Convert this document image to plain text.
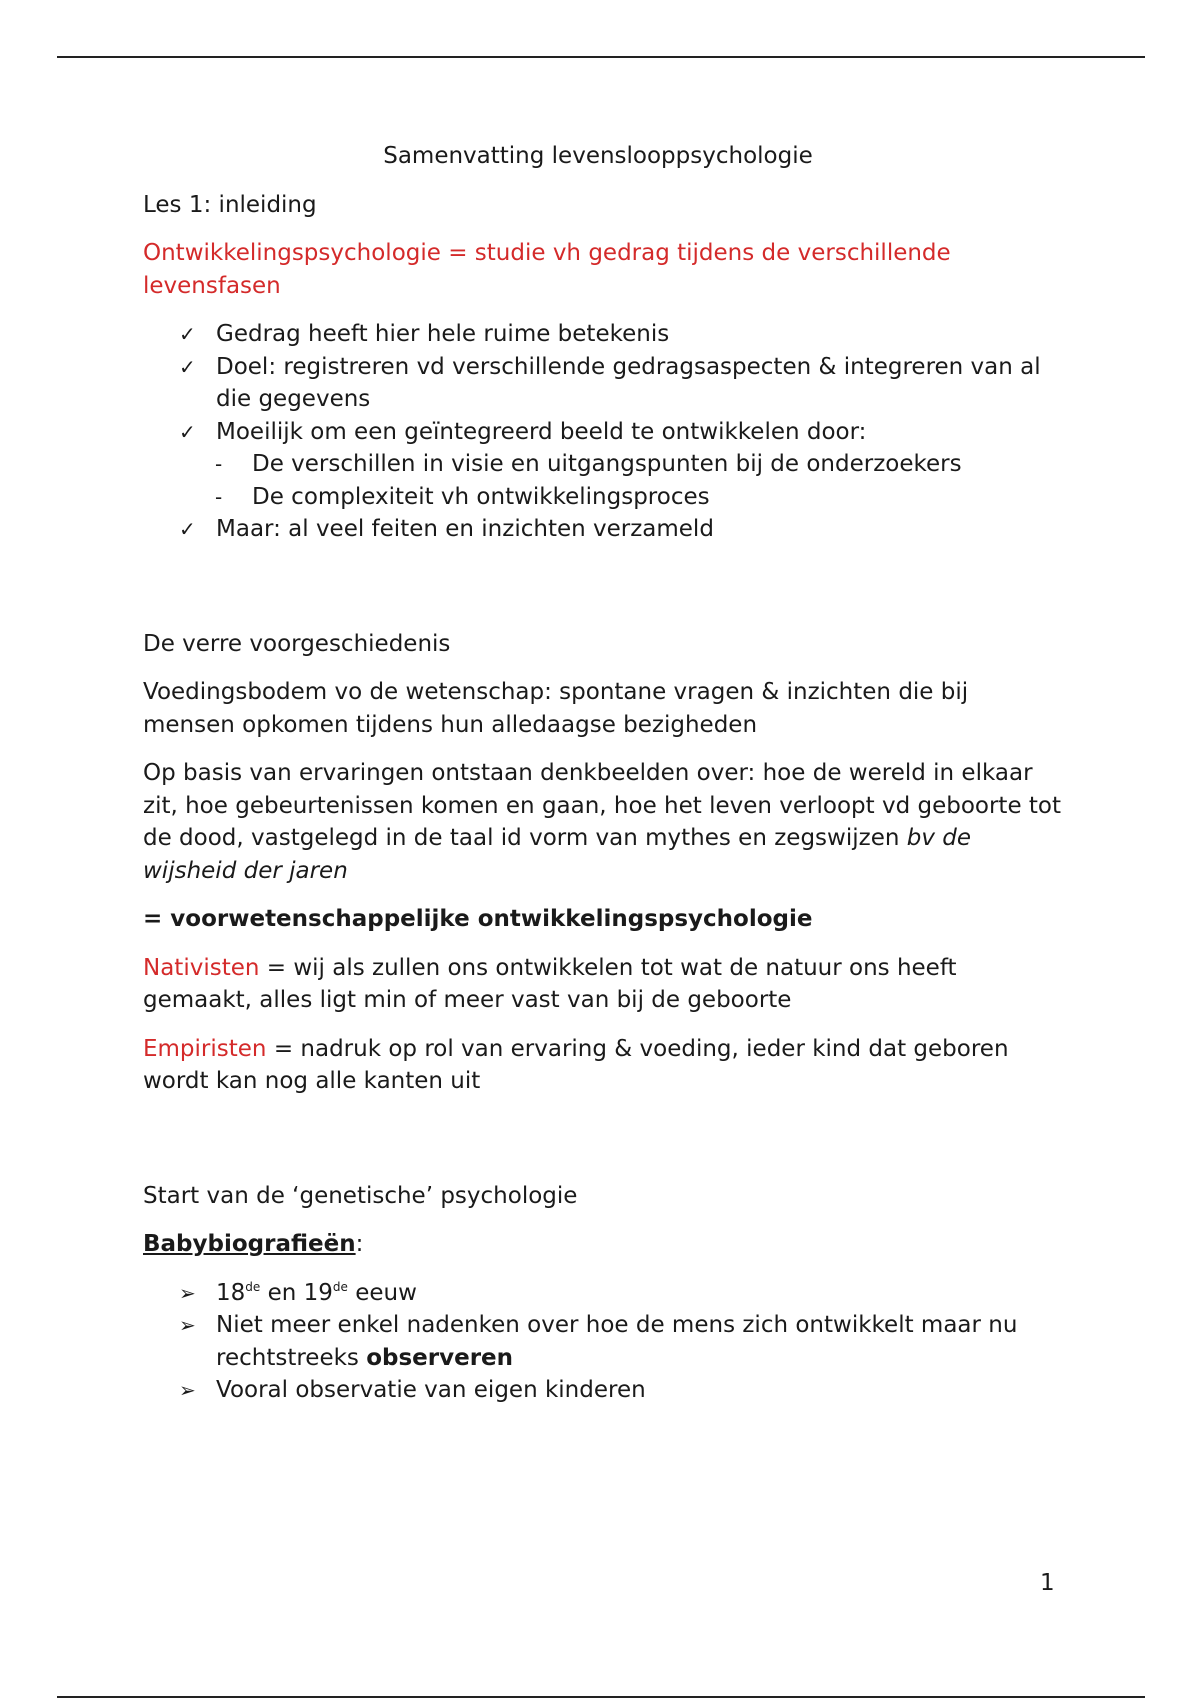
Samenvatting levenslooppsychologie

Les 1: inleiding

Ontwikkelingspsychologie = studie vh gedrag tijdens de verschillende levensfasen

✓ Gedrag heeft hier hele ruime betekenis
✓ Doel: registreren vd verschillende gedragsaspecten & integreren van al die gegevens
✓ Moeilijk om een geïntegreerd beeld te ontwikkelen door:
- De verschillen in visie en uitgangspunten bij de onderzoekers
- De complexiteit vh ontwikkelingsproces
✓ Maar: al veel feiten en inzichten verzameld

De verre voorgeschiedenis

Voedingsbodem vo de wetenschap: spontane vragen & inzichten die bij mensen opkomen tijdens hun alledaagse bezigheden

Op basis van ervaringen ontstaan denkbeelden over: hoe de wereld in elkaar zit, hoe gebeurtenissen komen en gaan, hoe het leven verloopt vd geboorte tot de dood, vastgelegd in de taal id vorm van mythes en zegswijzen bv de wijsheid der jaren

= voorwetenschappelijke ontwikkelingspsychologie

Nativisten = wij als zullen ons ontwikkelen tot wat de natuur ons heeft gemaakt, alles ligt min of meer vast van bij de geboorte

Empiristen = nadruk op rol van ervaring & voeding, ieder kind dat geboren wordt kan nog alle kanten uit

Start van de ‘genetische’ psychologie

Babybiografieën:

➢ 18de en 19de eeuw
➢ Niet meer enkel nadenken over hoe de mens zich ontwikkelt maar nu rechtstreeks observeren
➢ Vooral observatie van eigen kinderen
1
